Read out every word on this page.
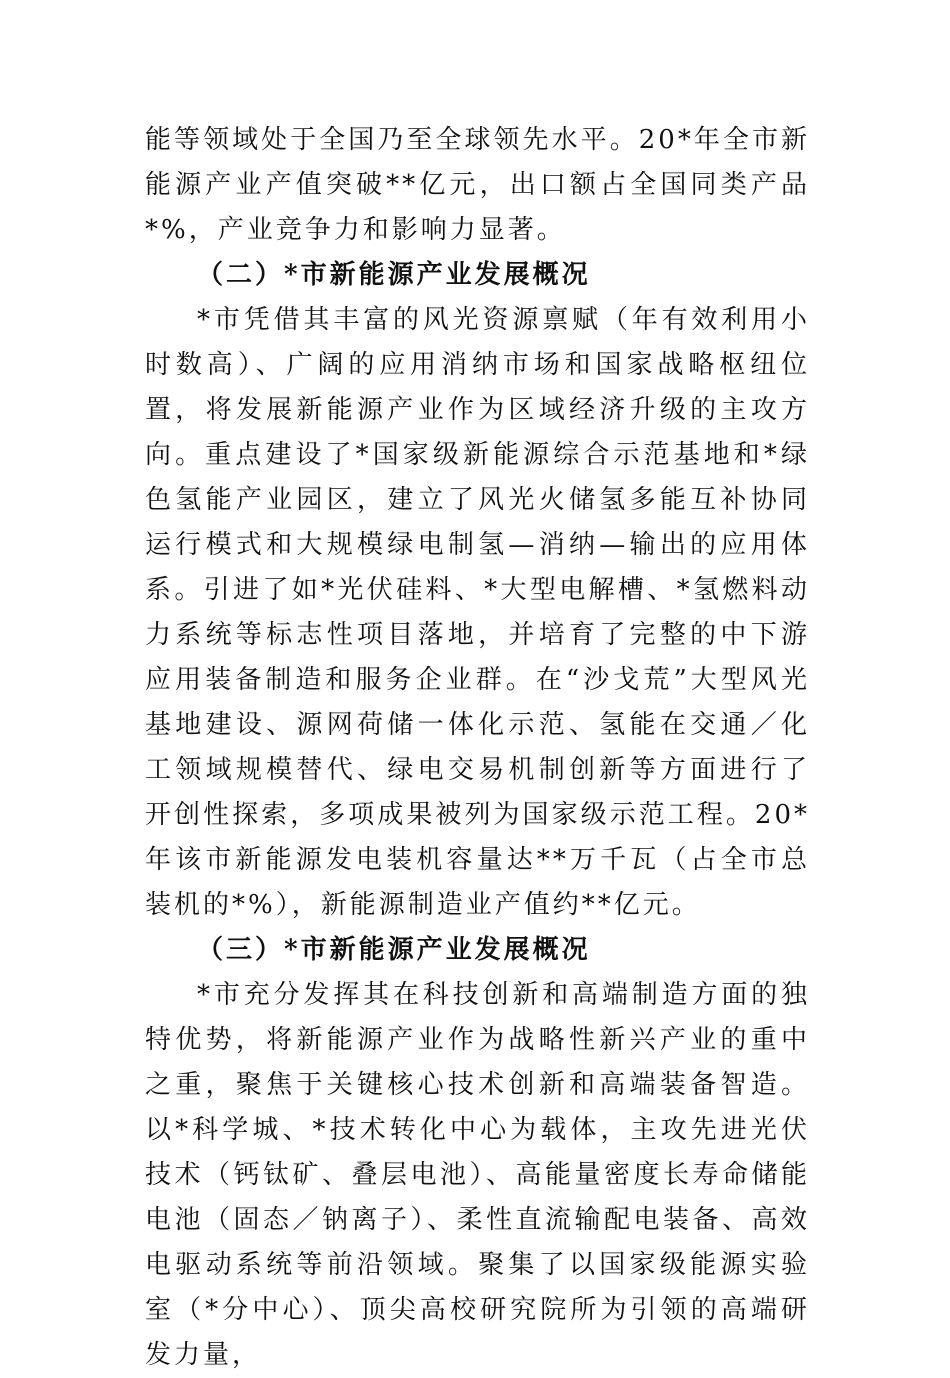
能等领域处于全国乃至全球领先水平。20*年全市新能源产业产值突破**亿元，出口额占全国同类产品*%，产业竞争力和影响力显著。

（二）*市新能源产业发展概况

*市凭借其丰富的风光资源禀赋（年有效利用小时数高）、广阔的应用消纳市场和国家战略枢纽位置，将发展新能源产业作为区域经济升级的主攻方向。重点建设了*国家级新能源综合示范基地和*绿色氢能产业园区，建立了风光火储氢多能互补协同运行模式和大规模绿电制氢—消纳—输出的应用体系。引进了如*光伏硅料、*大型电解槽、*氢燃料动力系统等标志性项目落地，并培育了完整的中下游应用装备制造和服务企业群。在“沙戈荒”大型风光基地建设、源网荷储一体化示范、氢能在交通／化工领域规模替代、绿电交易机制创新等方面进行了开创性探索，多项成果被列为国家级示范工程。20*年该市新能源发电装机容量达**万千瓦（占全市总装机的*%），新能源制造业产值约**亿元。

（三）*市新能源产业发展概况

*市充分发挥其在科技创新和高端制造方面的独特优势，将新能源产业作为战略性新兴产业的重中之重，聚焦于关键核心技术创新和高端装备智造。以*科学城、*技术转化中心为载体，主攻先进光伏技术（钙钛矿、叠层电池）、高能量密度长寿命储能电池（固态／钠离子）、柔性直流输配电装备、高效电驱动系统等前沿领域。聚集了以国家级能源实验室（*分中心）、顶尖高校研究院所为引领的高端研发力量，
